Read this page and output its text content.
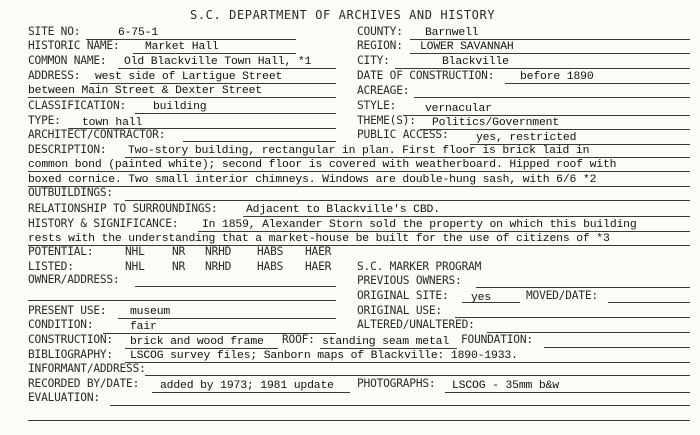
S.C. DEPARTMENT OF ARCHIVES AND HISTORY
SITE NO:	6-75-1	COUNTY: Barnwell
HISTORIC NAME: Market Hall	REGION: LOWER SAVANNAH
COMMON NAME: Old Blackville Town Hall, *1	CITY:	Blackville
ADDRESS: west side of Lartigue Street	DATE OF CONSTRUCTION: before 1890
between Main Street & Dexter Street	ACREAGE:
CLASSIFICATION: building	STYLE:	vernacular
TYPE: town hall	THEME(S): Politics/Government
ARCHITECT/CONTRACTOR:	PUBLIC ACCESS: yes, restricted
DESCRIPTION: Two-story building, rectangular in plan. First floor is brick laid in
common bond (painted white); second floor is covered with weatherboard. Hipped roof with
boxed cornice. Two small interior chimneys. Windows are double-hung sash, with 6/6 *2
OUTBUILDINGS:
RELATIONSHIP TO SURROUNDINGS: Adjacent to Blackville's CBD.
HISTORY & SIGNIFICANCE: In 1859, Alexander Storn sold the property on which this building
rests with the understanding that a market-house be built for the use of citizens of *3
POTENTIAL:	NHL NR NRHD HABS HAER
LISTED:	NHL NR NRHD HABS HAER S.C. MARKER PROGRAM
OWNER/ADDRESS:	PREVIOUS OWNERS:
ORIGINAL SITE: yes	MOVED/DATE:
PRESENT USE: museum	ORIGINAL USE:
CONDITION:	fair	ALTERED/UNALTERED:
CONSTRUCTION: brick and wood frame ROOF: standing seam metal FOUNDATION:
BIBLIOGRAPHY: LSCOG survey files; Sanborn maps of Blackville: 1890-1933.
INFORMANT/ADDRESS:
RECORDED BY/DATE: added by 1973; 1981 update PHOTOGRAPHS: LSCOG - 35mm b&w
EVALUATION:
